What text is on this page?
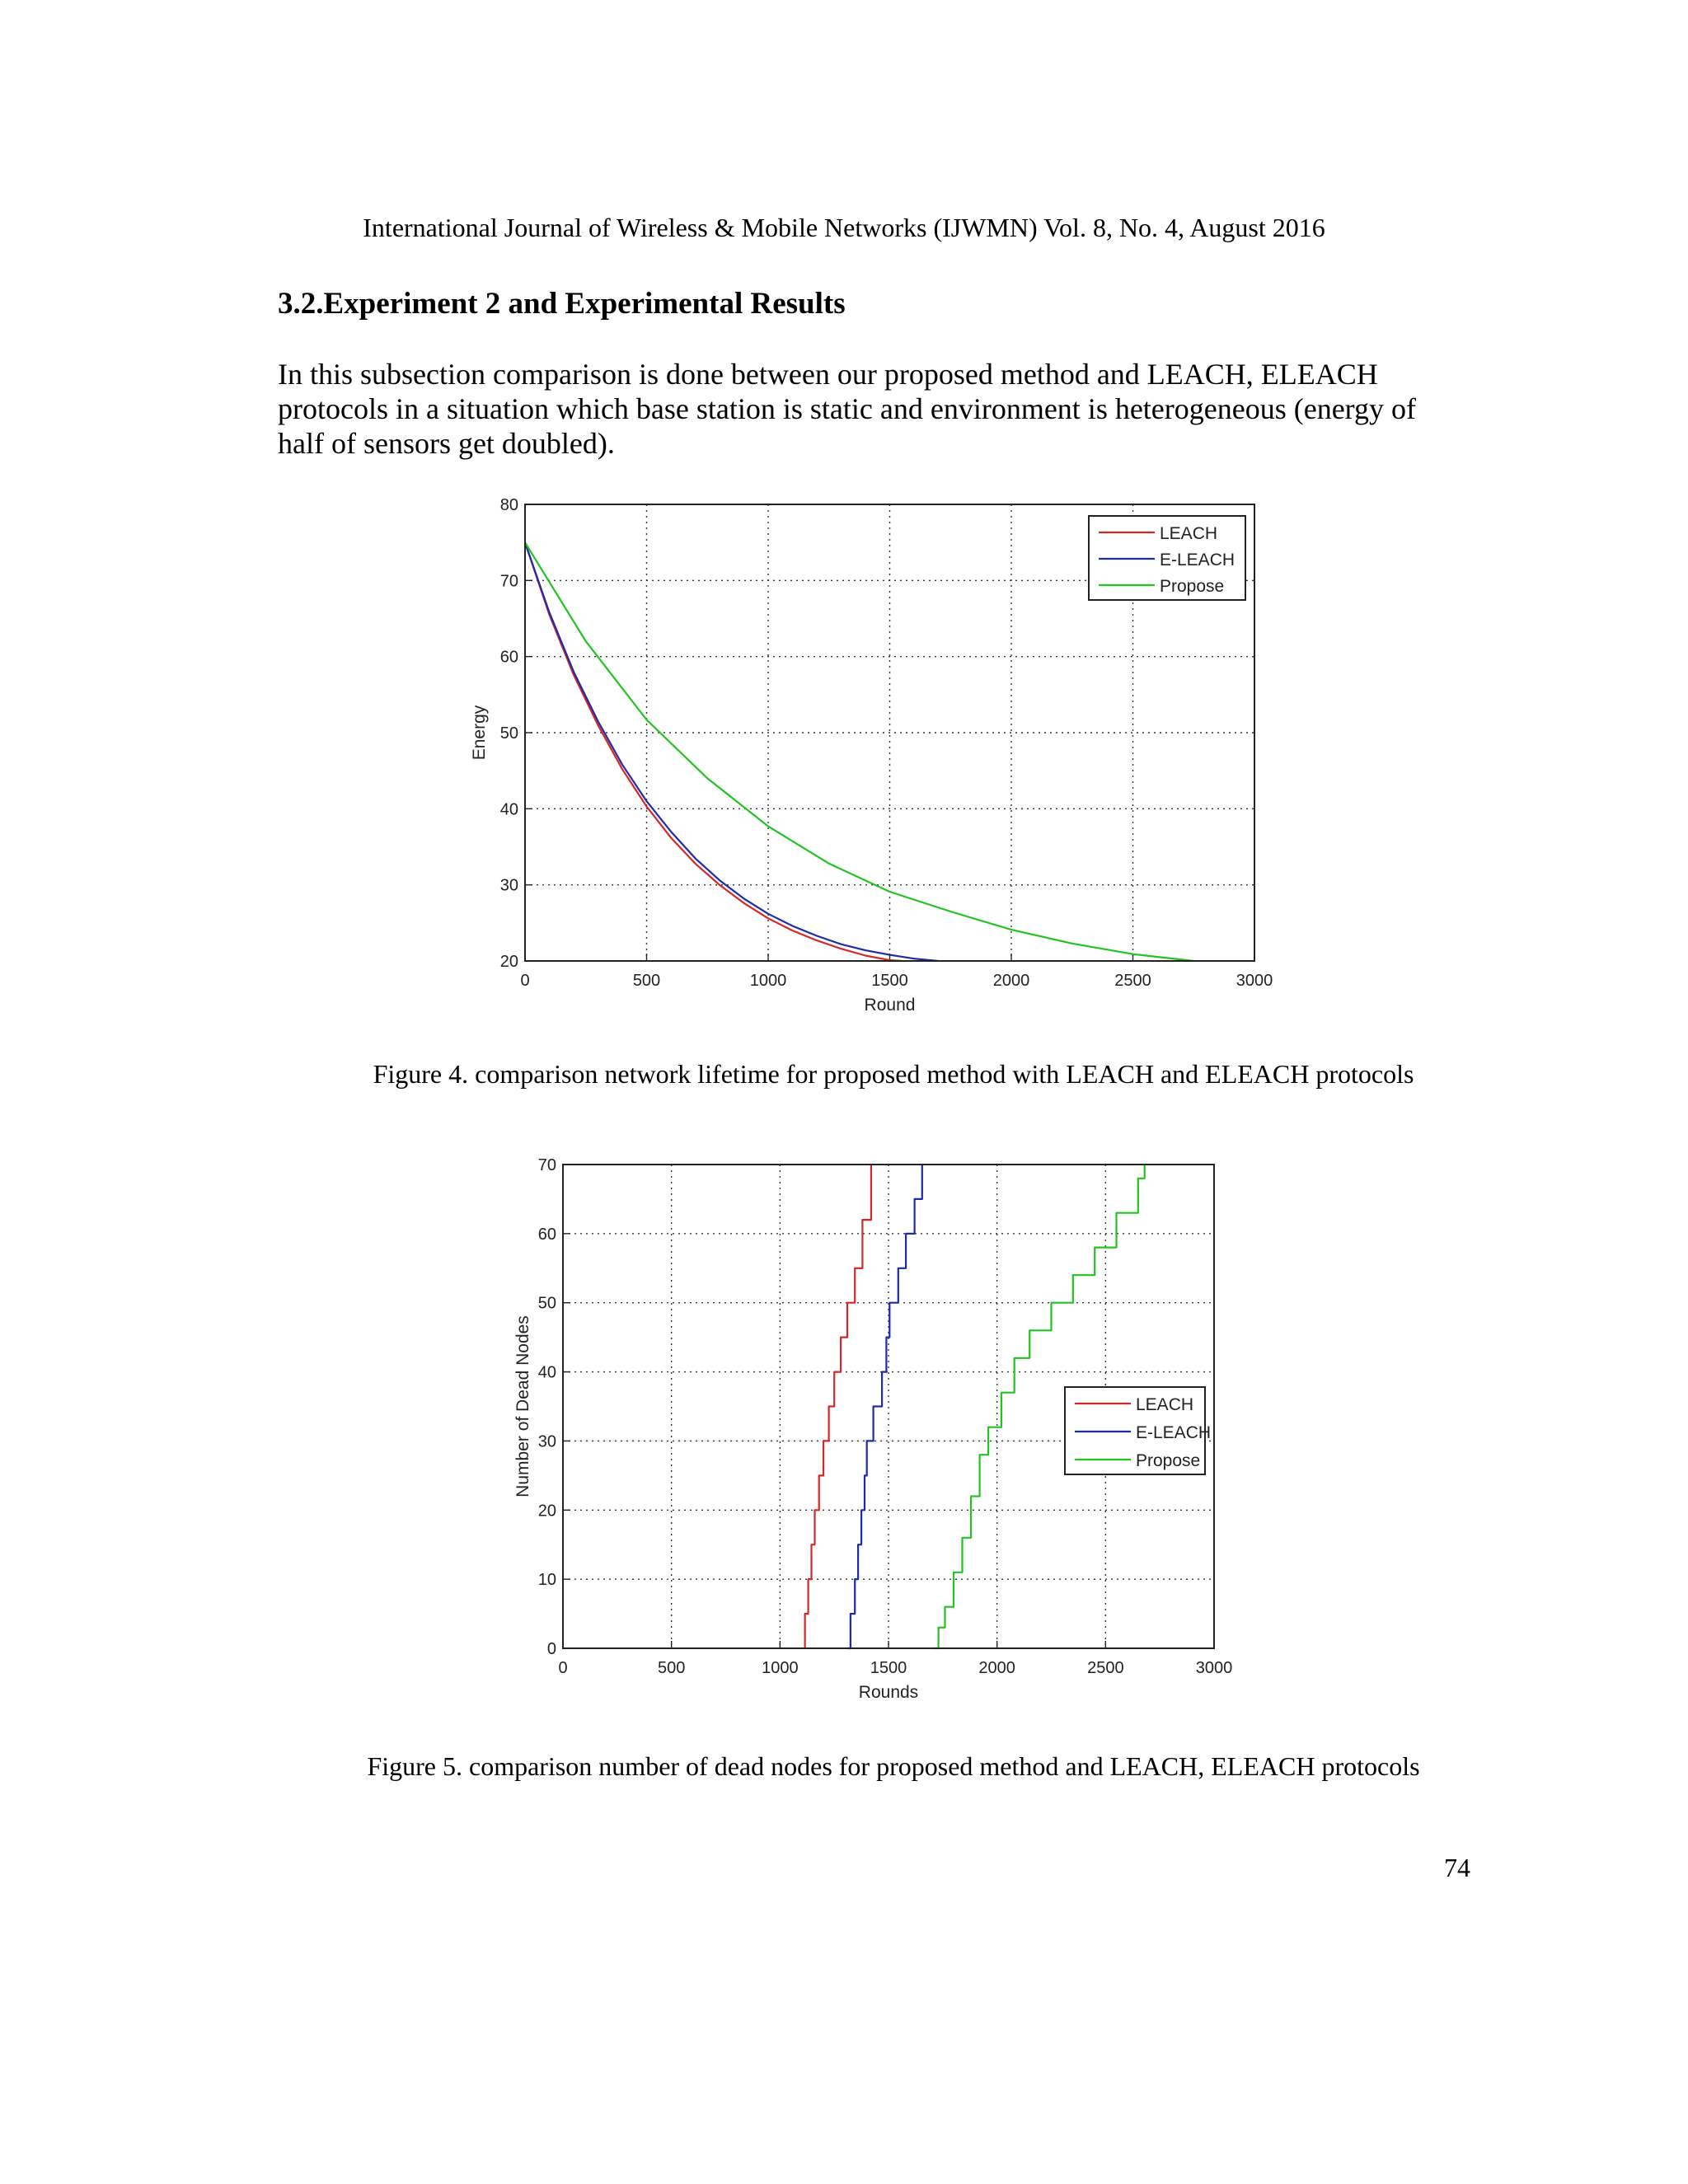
International Journal of Wireless & Mobile Networks (IJWMN) Vol. 8, No. 4, August 2016
3.2.Experiment 2 and Experimental Results
In this subsection comparison is done between our proposed method and LEACH, ELEACH
protocols in a situation which base station is static and environment is heterogeneous (energy of
half of sensors get doubled).
0	500	1000	1500	2000	2500	3000
20
30
40
50
60
70
80
Round
Energy
LEACH
E-LEACH
Propose
Figure 4. comparison network lifetime for proposed method with LEACH and ELEACH protocols
0	500	1000	1500	2000	2500	3000
0
10
20
30
40
50
60
70
Rounds
Number of Dead Nodes	LEACH
E-LEACH
Propose
Figure 5. comparison number of dead nodes for proposed method and LEACH, ELEACH protocols
74
